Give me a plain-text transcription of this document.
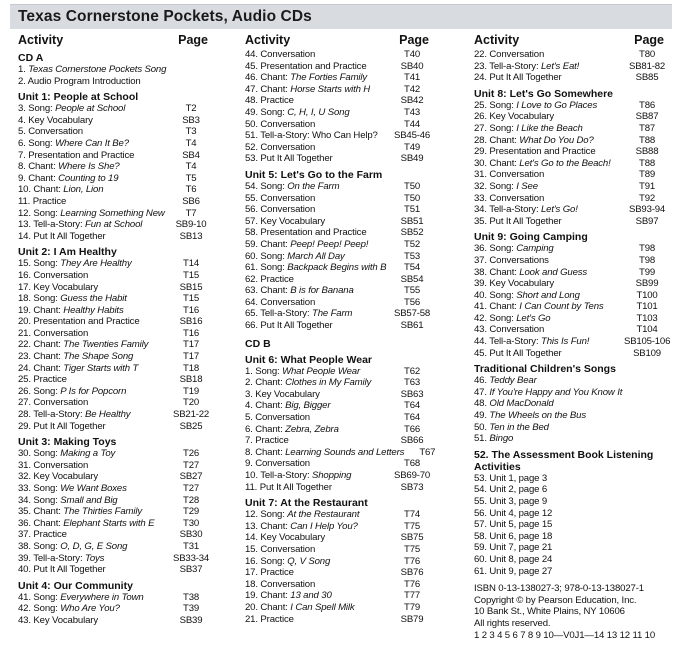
Texas Cornerstone Pockets, Audio CDs
Activity	Page
CD A
1. Texas Cornerstone Pockets Song
2. Audio Program Introduction
Unit 1: People at School
3. Song: People at School	T2
4. Key Vocabulary	SB3
5. Conversation	T3
6. Song: Where Can It Be?	T4
7. Presentation and Practice	SB4
8. Chant: Where Is She?	T4
9. Chant: Counting to 19	T5
10. Chant: Lion, Lion	T6
11. Practice	SB6
12. Song: Learning Something New	T7
13. Tell-a-Story: Fun at School	SB9-10
14. Put It All Together	SB13
Unit 2: I Am Healthy
15. Song: They Are Healthy	T14
16. Conversation	T15
17. Key Vocabulary	SB15
18. Song: Guess the Habit	T15
19. Chant: Healthy Habits	T16
20. Presentation and Practice	SB16
21. Conversation	T16
22. Chant: The Twenties Family	T17
23. Chant: The Shape Song	T17
24. Chant: Tiger Starts with T	T18
25. Practice	SB18
26. Song: P Is for Popcorn	T19
27. Conversation	T20
28. Tell-a-Story: Be Healthy	SB21-22
29. Put It All Together	SB25
Unit 3: Making Toys
30. Song: Making a Toy	T26
31. Conversation	T27
32. Key Vocabulary	SB27
33. Song: We Want Boxes	T27
34. Song: Small and Big	T28
35. Chant: The Thirties Family	T29
36. Chant: Elephant Starts with E	T30
37. Practice	SB30
38. Song: O, D, G, E Song	T31
39. Tell-a-Story: Toys	SB33-34
40. Put It All Together	SB37
Unit 4: Our Community
41. Song: Everywhere in Town	T38
42. Song: Who Are You?	T39
43. Key Vocabulary	SB39
Activity	Page
44. Conversation	T40
45. Presentation and Practice	SB40
46. Chant: The Forties Family	T41
47. Chant: Horse Starts with H	T42
48. Practice	SB42
49. Song: C, H, I, U Song	T43
50. Conversation	T44
51. Tell-a-Story: Who Can Help?	SB45-46
52. Conversation	T49
53. Put It All Together	SB49
Unit 5: Let's Go to the Farm
54. Song: On the Farm	T50
55. Conversation	T50
56. Conversation	T51
57. Key Vocabulary	SB51
58. Presentation and Practice	SB52
59. Chant: Peep! Peep! Peep!	T52
60. Song: March All Day	T53
61. Song: Backpack Begins with B	T54
62. Practice	SB54
63. Chant: B is for Banana	T55
64. Conversation	T56
65. Tell-a-Story: The Farm	SB57-58
66. Put It All Together	SB61
CD B
Unit 6: What People Wear
1. Song: What People Wear	T62
2. Chant: Clothes in My Family	T63
3. Key Vocabulary	SB63
4. Chant: Big, Bigger	T64
5. Conversation	T64
6. Chant: Zebra, Zebra	T66
7. Practice	SB66
8. Chant: Learning Sounds and Letters	T67
9. Conversation	T68
10. Tell-a-Story: Shopping	SB69-70
11. Put It All Together	SB73
Unit 7: At the Restaurant
12. Song: At the Restaurant	T74
13. Chant: Can I Help You?	T75
14. Key Vocabulary	SB75
15. Conversation	T75
16. Song: Q, V Song	T76
17. Practice	SB76
18. Conversation	T76
19. Chant: 13 and 30	T77
20. Chant: I Can Spell Milk	T79
21. Practice	SB79
Activity	Page
22. Conversation	T80
23. Tell-a-Story: Let's Eat!	SB81-82
24. Put It All Together	SB85
Unit 8: Let's Go Somewhere
25. Song: I Love to Go Places	T86
26. Key Vocabulary	SB87
27. Song: I Like the Beach	T87
28. Chant: What Do You Do?	T88
29. Presentation and Practice	SB88
30. Chant: Let's Go to the Beach!	T88
31. Conversation	T89
32. Song: I See	T91
33. Conversation	T92
34. Tell-a-Story: Let's Go!	SB93-94
35. Put It All Together	SB97
Unit 9: Going Camping
36. Song: Camping	T98
37. Conversations	T98
38. Chant: Look and Guess	T99
39. Key Vocabulary	SB99
40. Song: Short and Long	T100
41. Chant: I Can Count by Tens	T101
42. Song: Let's Go	T103
43. Conversation	T104
44. Tell-a-Story: This Is Fun!	SB105-106
45. Put It All Together	SB109
Traditional Children's Songs
46. Teddy Bear
47. If You're Happy and You Know It
48. Old MacDonald
49. The Wheels on the Bus
50. Ten in the Bed
51. Bingo
52. The Assessment Book Listening Activities
53. Unit 1, page 3
54. Unit 2, page 6
55. Unit 3, page 9
56. Unit 4, page 12
57. Unit 5, page 15
58. Unit 6, page 18
59. Unit 7, page 21
60. Unit 8, page 24
61. Unit 9, page 27
ISBN 0-13-138027-3; 978-0-13-138027-1
Copyright © by Pearson Education, Inc.
10 Bank St., White Plains, NY 10606
All rights reserved.
1 2 3 4 5 6 7 8 9 10—V0J1—14 13 12 11 10
